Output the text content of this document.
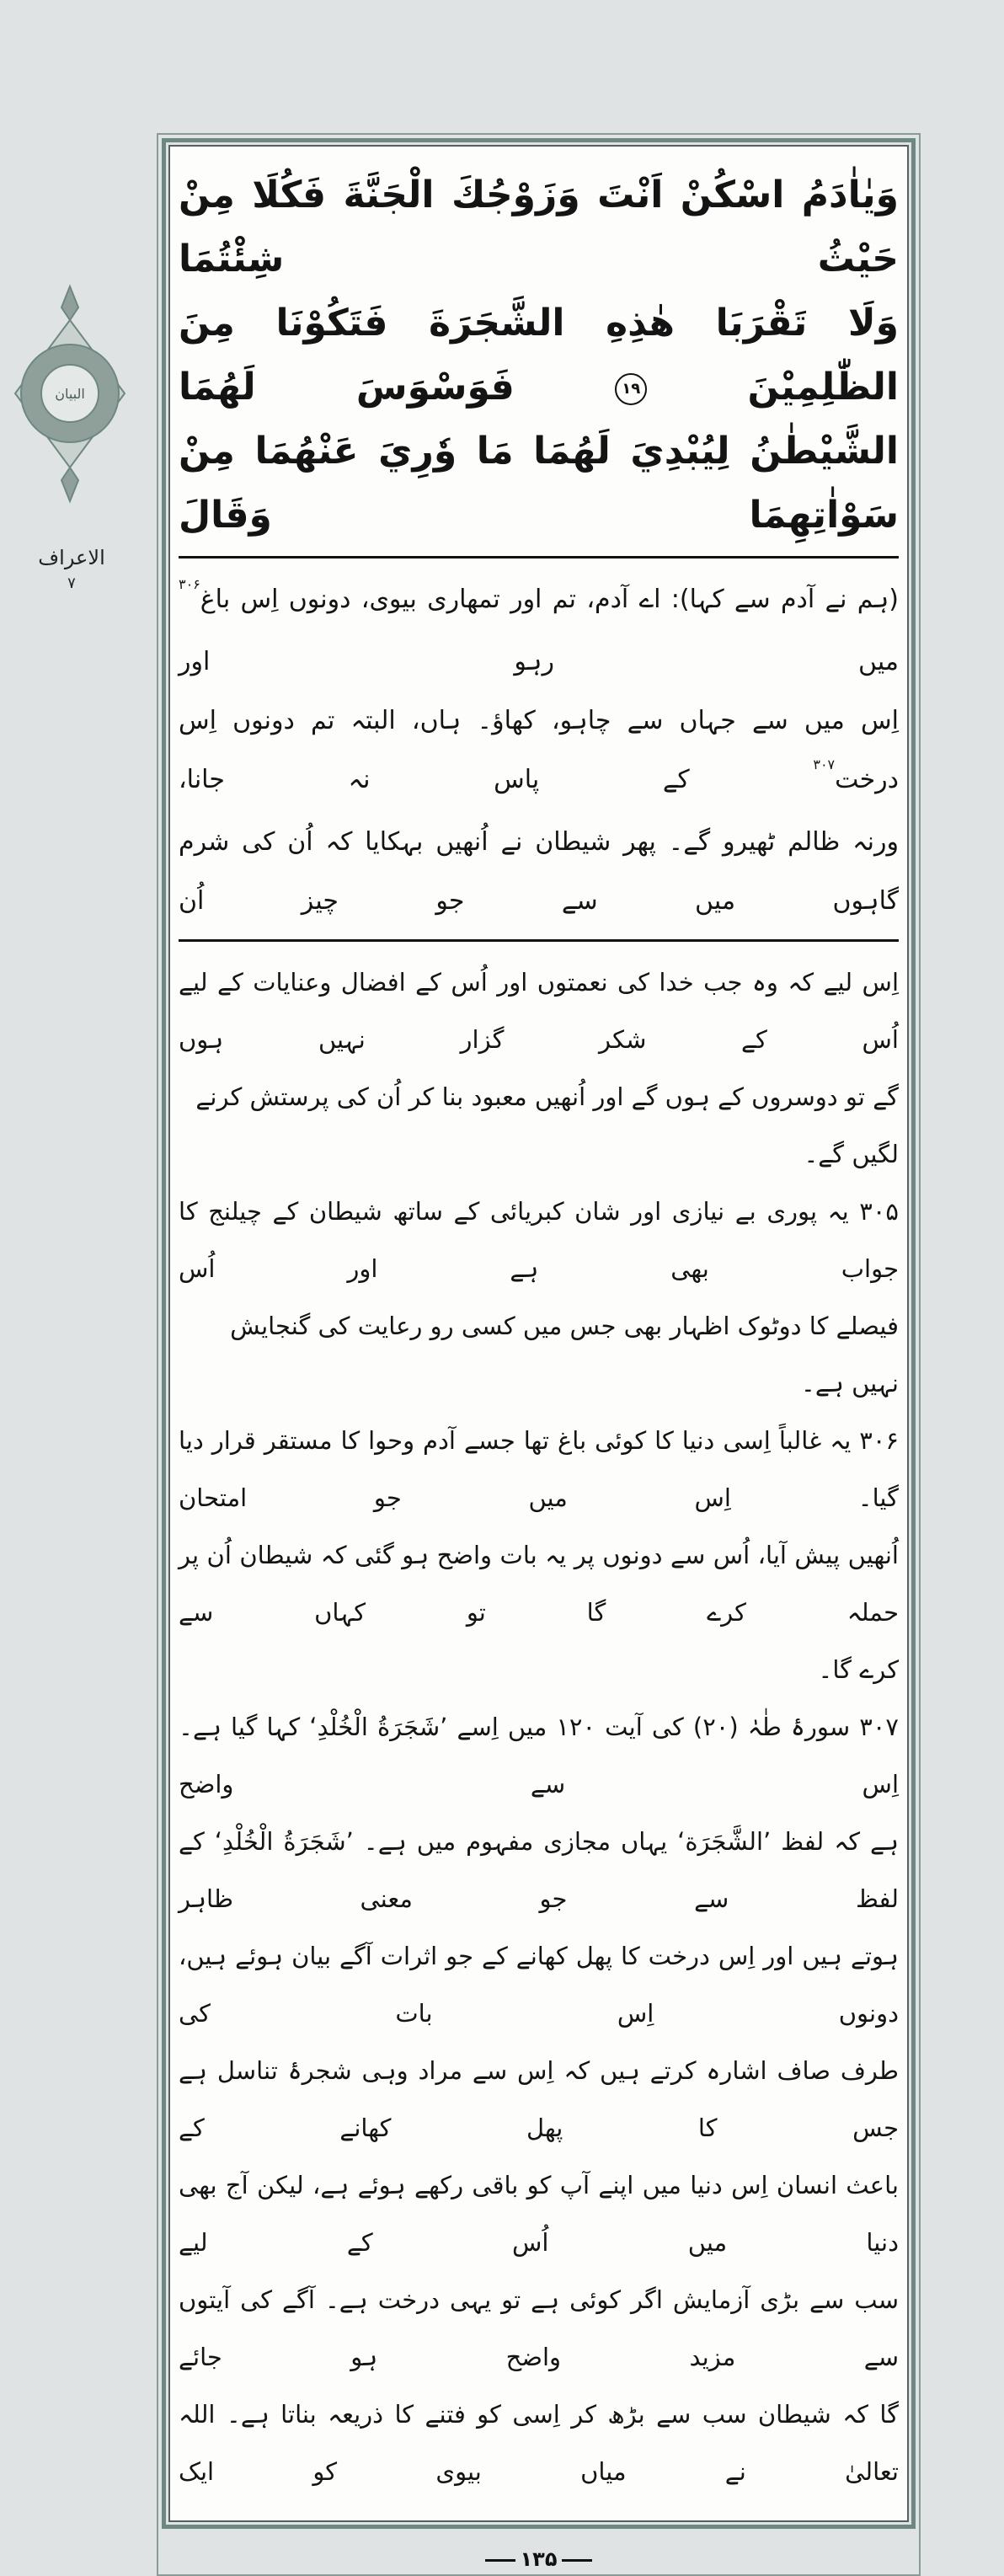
البیان
الاعراف
۷
وَيٰاٰدَمُ اسْكُنْ اَنْتَ وَزَوْجُكَ الْجَنَّةَ فَكُلَا مِنْ حَيْثُ شِئْتُمَا
وَلَا تَقْرَبَا هٰذِهِ الشَّجَرَةَ فَتَكُوْنَا مِنَ الظّٰلِمِيْنَ ١٩ فَوَسْوَسَ لَهُمَا
الشَّيْطٰنُ لِيُبْدِيَ لَهُمَا مَا وٗرِيَ عَنْهُمَا مِنْ سَوْاٰتِهِمَا وَقَالَ
(ہم نے آدم سے کہا): اے آدم، تم اور تمھاری بیوی، دونوں اِس باغ$^{۳۰۶}$ میں رہو اور
اِس میں سے جہاں سے چاہو، کھاؤ۔ ہاں، البتہ تم دونوں اِس درخت$^{۳۰۷}$ کے پاس نہ جانا،
ورنہ ظالم ٹھیرو گے۔ پھر شیطان نے اُنھیں بہکایا کہ اُن کی شرم گاہوں میں سے جو چیز اُن
اِس لیے کہ وہ جب خدا کی نعمتوں اور اُس کے افضال وعنایات کے لیے اُس کے شکر گزار نہیں ہوں
گے تو دوسروں کے ہوں گے اور اُنھیں معبود بنا کر اُن کی پرستش کرنے لگیں گے۔
۳۰۵ یہ پوری بے نیازی اور شان کبریائی کے ساتھ شیطان کے چیلنج کا جواب بھی ہے اور اُس
فیصلے کا دوٹوک اظہار بھی جس میں کسی رو رعایت کی گنجایش نہیں ہے۔
۳۰۶ یہ غالباً اِسی دنیا کا کوئی باغ تھا جسے آدم وحوا کا مستقر قرار دیا گیا۔ اِس میں جو امتحان
اُنھیں پیش آیا، اُس سے دونوں پر یہ بات واضح ہو گئی کہ شیطان اُن پر حملہ کرے گا تو کہاں سے
کرے گا۔
۳۰۷ سورۂ طٰہٰ (۲۰) کی آیت ۱۲۰ میں اِسے ’شَجَرَةُ الْخُلْدِ‘ کہا گیا ہے۔ اِس سے واضح
ہے کہ لفظ ’الشَّجَرَة‘ یہاں مجازی مفہوم میں ہے۔ ’شَجَرَةُ الْخُلْدِ‘ کے لفظ سے جو معنی ظاہر
ہوتے ہیں اور اِس درخت کا پھل کھانے کے جو اثرات آگے بیان ہوئے ہیں، دونوں اِس بات کی
طرف صاف اشارہ کرتے ہیں کہ اِس سے مراد وہی شجرۂ تناسل ہے جس کا پھل کھانے کے
باعث انسان اِس دنیا میں اپنے آپ کو باقی رکھے ہوئے ہے، لیکن آج بھی دنیا میں اُس کے لیے
سب سے بڑی آزمایش اگر کوئی ہے تو یہی درخت ہے۔ آگے کی آیتوں سے مزید واضح ہو جائے
گا کہ شیطان سب سے بڑھ کر اِسی کو فتنے کا ذریعہ بناتا ہے۔ اللہ تعالیٰ نے میاں بیوی کو ایک
۱۳۵
